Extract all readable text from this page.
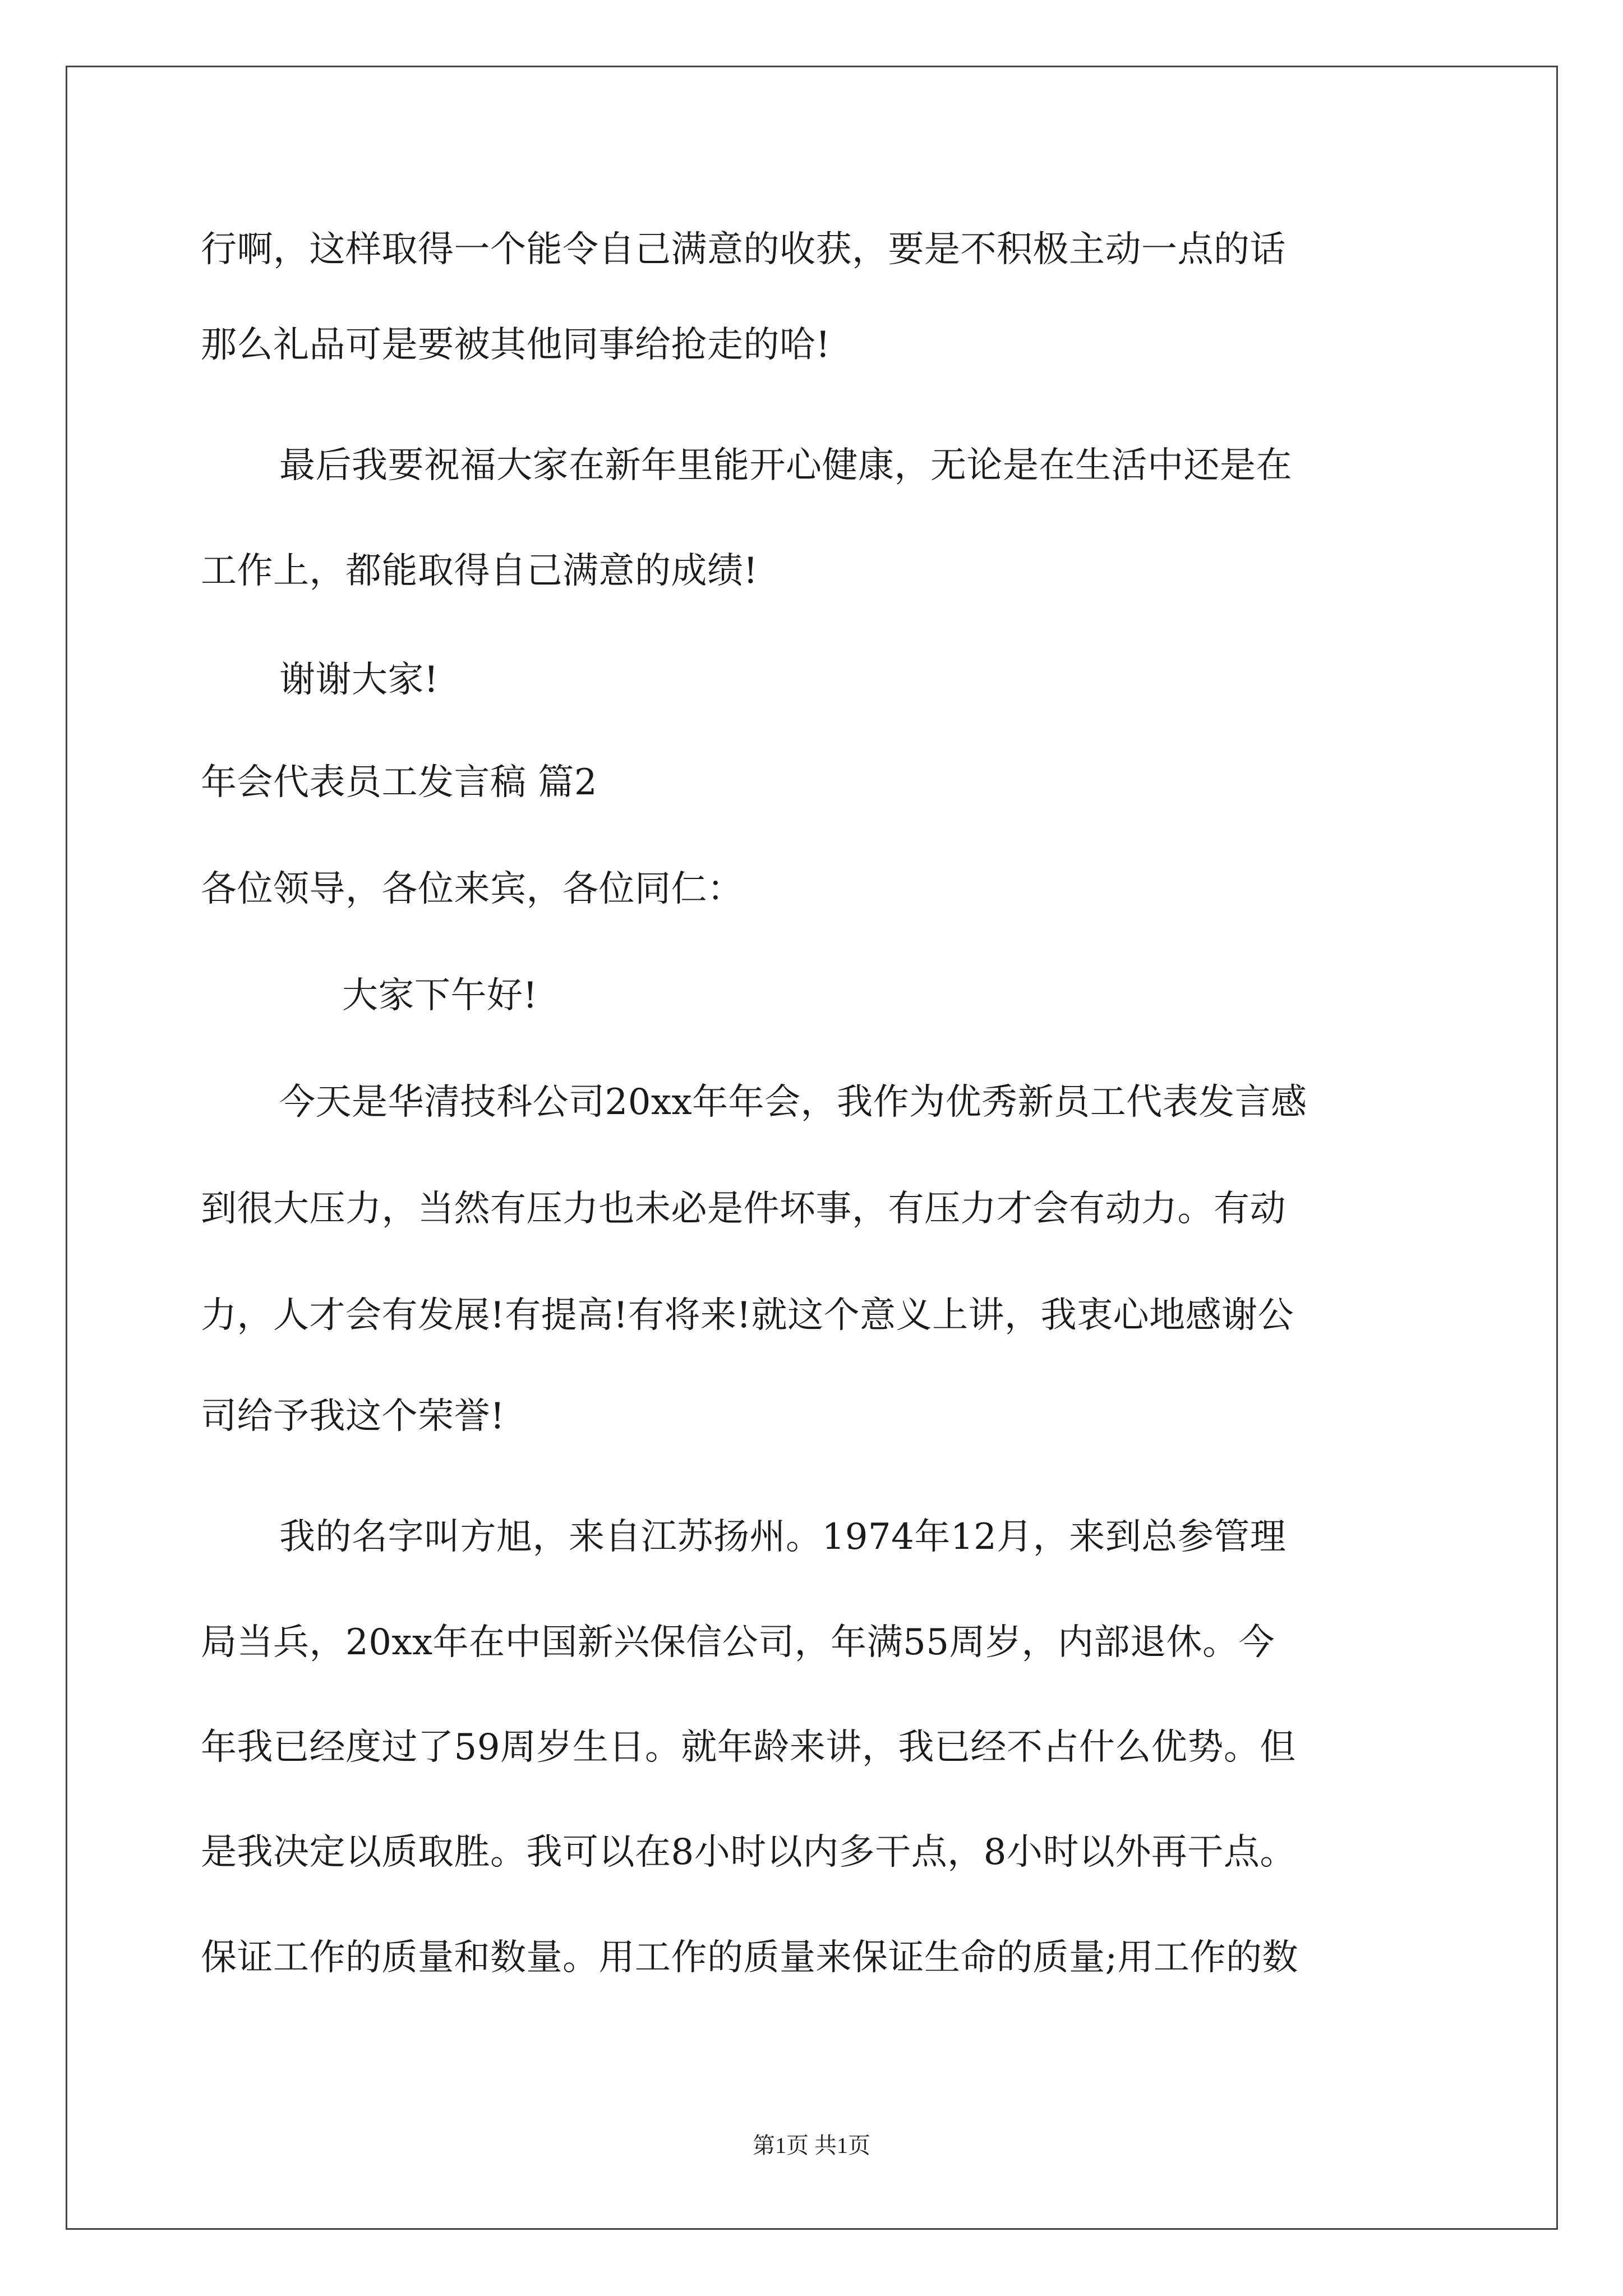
行啊，这样取得一个能令自己满意的收获，要是不积极主动一点的话
那么礼品可是要被其他同事给抢走的哈!
最后我要祝福大家在新年里能开心健康，无论是在生活中还是在
工作上，都能取得自己满意的成绩!
谢谢大家!
年会代表员工发言稿 篇2
各位领导，各位来宾，各位同仁：
大家下午好!
今天是华清技科公司20xx年年会，我作为优秀新员工代表发言感
到很大压力，当然有压力也未必是件坏事，有压力才会有动力。有动
力，人才会有发展!有提高!有将来!就这个意义上讲，我衷心地感谢公
司给予我这个荣誉!
我的名字叫方旭，来自江苏扬州。1974年12月，来到总参管理
局当兵，20xx年在中国新兴保信公司，年满55周岁，内部退休。今
年我已经度过了59周岁生日。就年龄来讲，我已经不占什么优势。但
是我决定以质取胜。我可以在8小时以内多干点，8小时以外再干点。
保证工作的质量和数量。用工作的质量来保证生命的质量;用工作的数
第1页 共1页
